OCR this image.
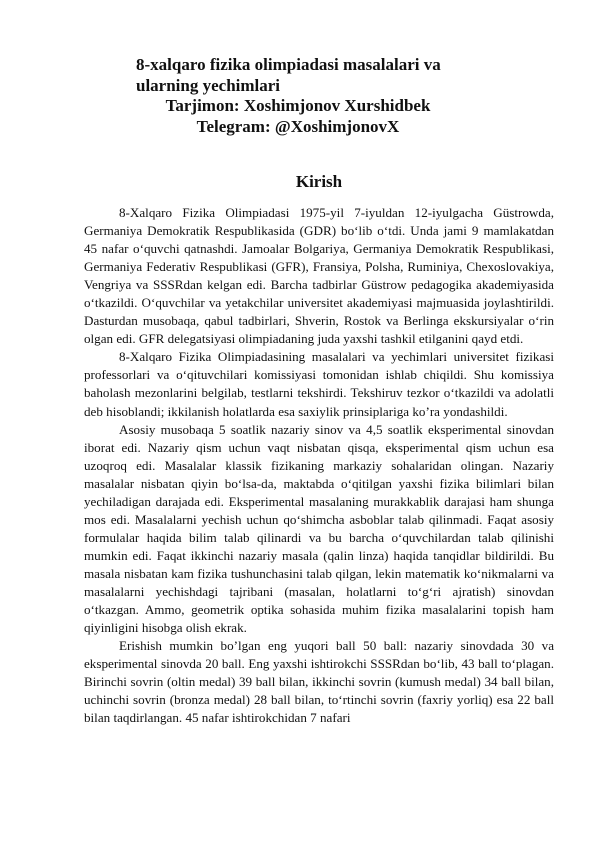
8-xalqaro fizika olimpiadasi masalalari va ularning yechimlari
Tarjimon: Xoshimjonov Xurshidbek
Telegram: @XoshimjonovX
Kirish

8-Xalqaro Fizika Olimpiadasi 1975-yil 7-iyuldan 12-iyulgacha Güstrowda, Germaniya Demokratik Respublikasida (GDR) boʻlib oʻtdi. Unda jami 9 mamlakatdan 45 nafar oʻquvchi qatnashdi. Jamoalar Bolgariya, Germaniya Demokratik Respublikasi, Germaniya Federativ Respublikasi (GFR), Fransiya, Polsha, Ruminiya, Chexoslovakiya, Vengriya va SSSRdan kelgan edi. Barcha tadbirlar Güstrow pedagogika akademiyasida oʻtkazildi. Oʻquvchilar va yetakchilar universitet akademiyasi majmuasida joylashtirildi. Dasturdan musobaqa, qabul tadbirlari, Shverin, Rostok va Berlinga ekskursiyalar oʻrin olgan edi. GFR delegatsiyasi olimpiadaning juda yaxshi tashkil etilganini qayd etdi.

8-Xalqaro Fizika Olimpiadasining masalalari va yechimlari universitet fizikasi professorlari va oʻqituvchilari komissiyasi tomonidan ishlab chiqildi. Shu komissiya baholash mezonlarini belgilab, testlarni tekshirdi. Tekshiruv tezkor oʻtkazildi va adolatli deb hisoblandi; ikkilanish holatlarda esa saxiylik prinsiplariga koʼra yondashildi.

Asosiy musobaqa 5 soatlik nazariy sinov va 4,5 soatlik eksperimental sinovdan iborat edi. Nazariy qism uchun vaqt nisbatan qisqa, eksperimental qism uchun esa uzoqroq edi. Masalalar klassik fizikaning markaziy sohalaridan olingan. Nazariy masalalar nisbatan qiyin boʻlsa-da, maktabda oʻqitilgan yaxshi fizika bilimlari bilan yechiladigan darajada edi. Eksperimental masalaning murakkablik darajasi ham shunga mos edi. Masalalarni yechish uchun qoʻshimcha asboblar talab qilinmadi. Faqat asosiy formulalar haqida bilim talab qilinardi va bu barcha oʻquvchilardan talab qilinishi mumkin edi. Faqat ikkinchi nazariy masala (qalin linza) haqida tanqidlar bildirildi. Bu masala nisbatan kam fizika tushunchasini talab qilgan, lekin matematik koʻnikmalarni va masalalarni yechishdagi tajribani (masalan, holatlarni toʻgʻri ajratish) sinovdan oʻtkazgan. Ammo, geometrik optika sohasida muhim fizika masalalarini topish ham qiyinligini hisobga olish ekrak.

Erishish mumkin boʼlgan eng yuqori ball 50 ball: nazariy sinovdada 30 va eksperimental sinovda 20 ball. Eng yaxshi ishtirokchi SSSRdan boʻlib, 43 ball toʻplagan. Birinchi sovrin (oltin medal) 39 ball bilan, ikkinchi sovrin (kumush medal) 34 ball bilan, uchinchi sovrin (bronza medal) 28 ball bilan, toʻrtinchi sovrin (faxriy yorliq) esa 22 ball bilan taqdirlangan. 45 nafar ishtirokchidan 7 nafari
